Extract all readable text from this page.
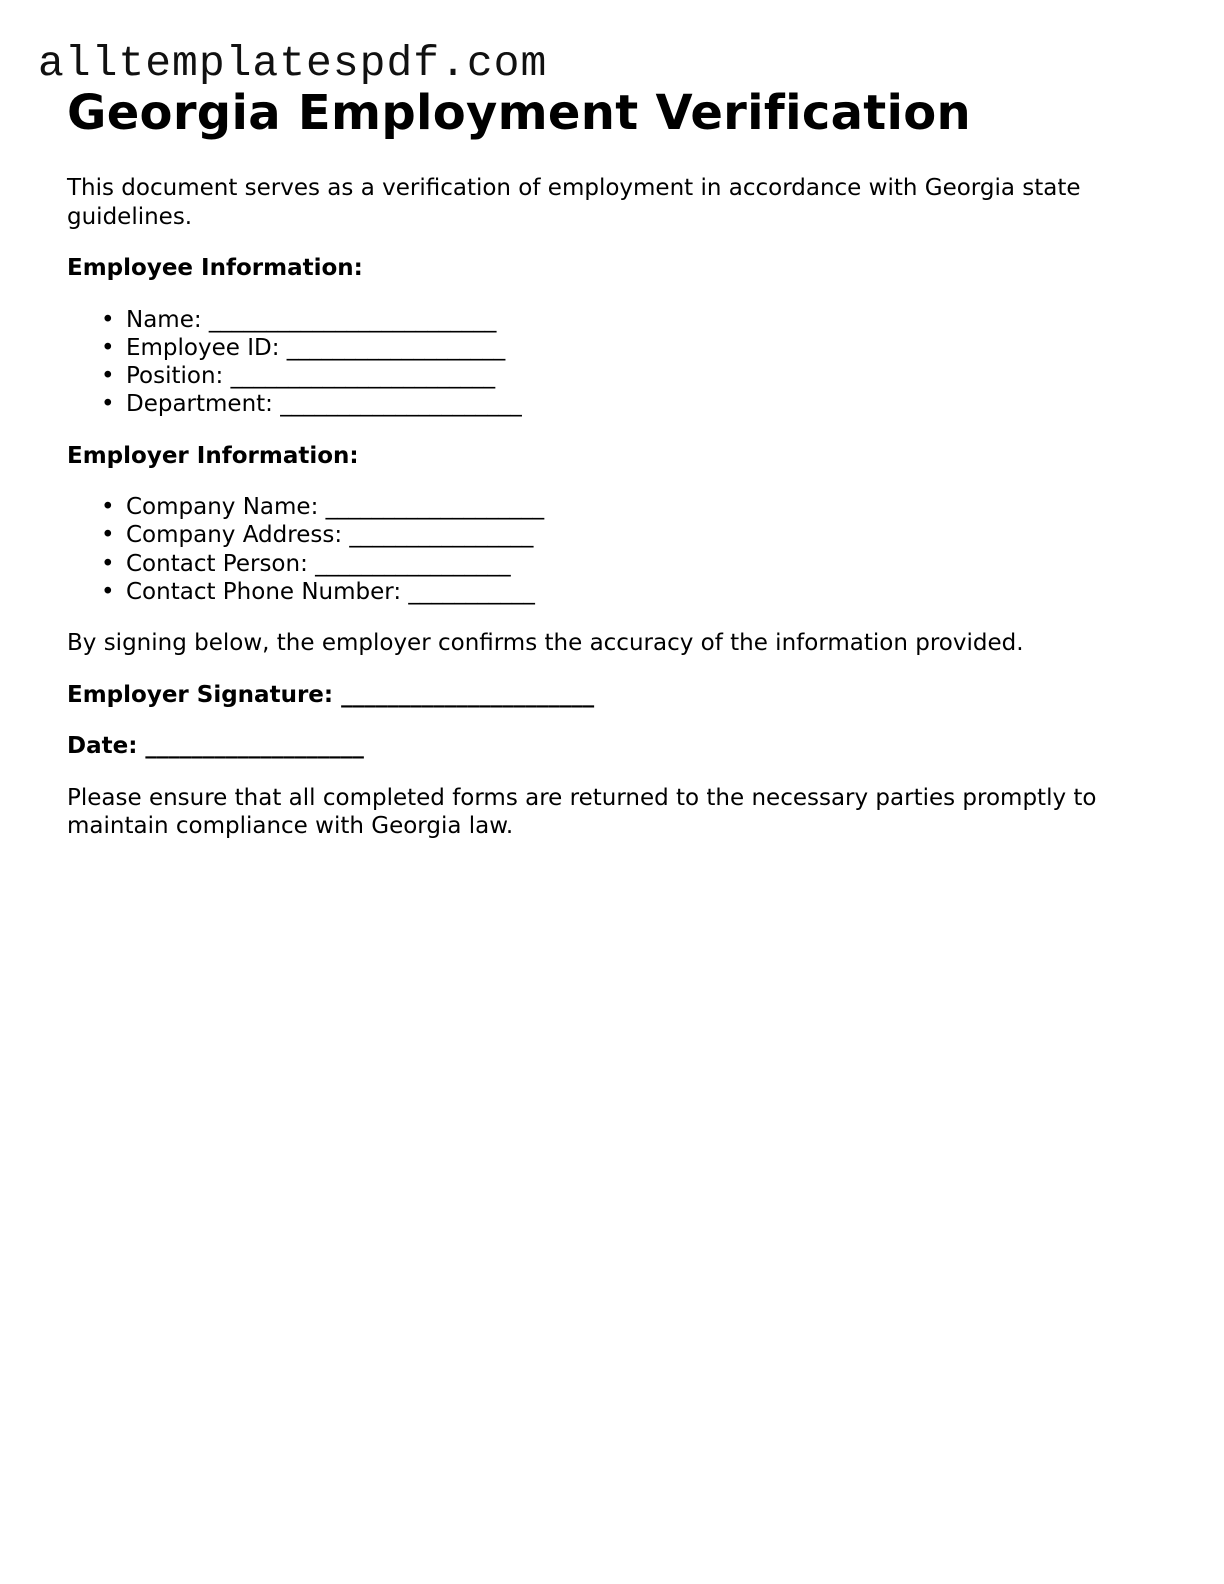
alltemplatespdf.com
Georgia Employment Verification

This document serves as a verification of employment in accordance with Georgia state guidelines.

Employee Information:

• Name: _________________________
• Employee ID: ___________________
• Position: _______________________
• Department: _____________________

Employer Information:

• Company Name: ___________________
• Company Address: ________________
• Contact Person: _________________
• Contact Phone Number: ___________

By signing below, the employer confirms the accuracy of the information provided.

Employer Signature: ______________________

Date: ___________________

Please ensure that all completed forms are returned to the necessary parties promptly to maintain compliance with Georgia law.
